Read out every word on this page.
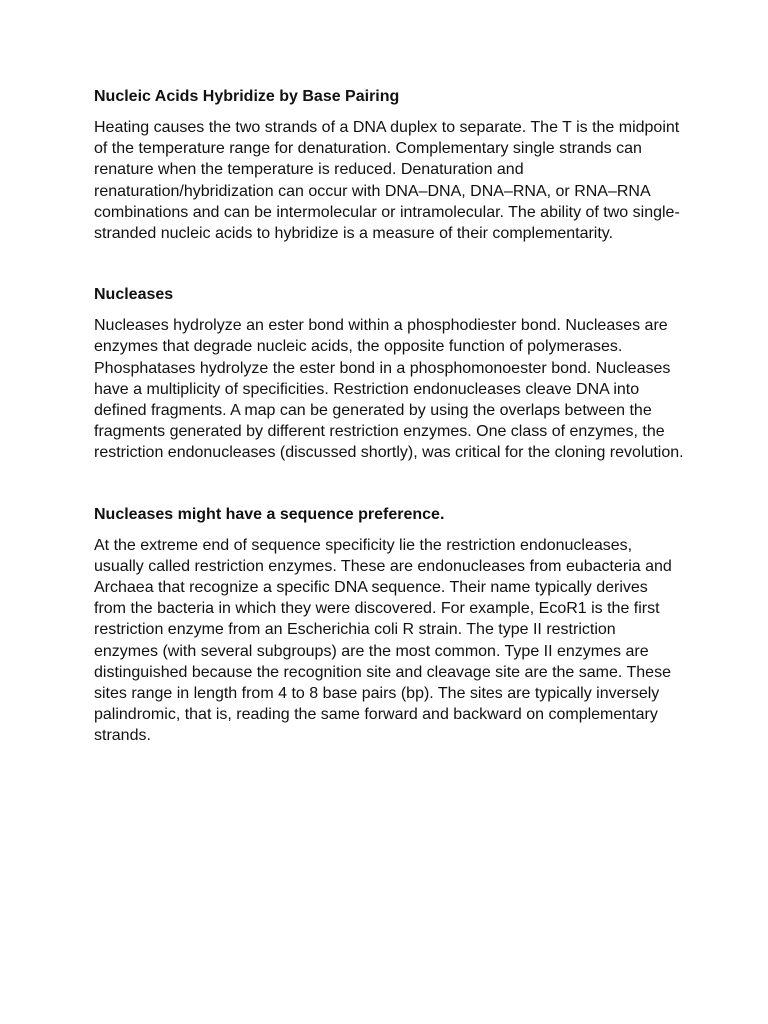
Nucleic Acids Hybridize by Base Pairing

Heating causes the two strands of a DNA duplex to separate. The T is the midpoint of the temperature range for denaturation. Complementary single strands can renature when the temperature is reduced. Denaturation and renaturation/hybridization can occur with DNA–DNA, DNA–RNA, or RNA–RNA combinations and can be intermolecular or intramolecular. The ability of two single-stranded nucleic acids to hybridize is a measure of their complementarity.

Nucleases

Nucleases hydrolyze an ester bond within a phosphodiester bond. Nucleases are enzymes that degrade nucleic acids, the opposite function of polymerases. Phosphatases hydrolyze the ester bond in a phosphomonoester bond. Nucleases have a multiplicity of specificities. Restriction endonucleases cleave DNA into defined fragments. A map can be generated by using the overlaps between the fragments generated by different restriction enzymes. One class of enzymes, the restriction endonucleases (discussed shortly), was critical for the cloning revolution.

Nucleases might have a sequence preference.

At the extreme end of sequence specificity lie the restriction endonucleases, usually called restriction enzymes. These are endonucleases from eubacteria and Archaea that recognize a specific DNA sequence. Their name typically derives from the bacteria in which they were discovered. For example, EcoR1 is the first restriction enzyme from an Escherichia coli R strain. The type II restriction enzymes (with several subgroups) are the most common. Type II enzymes are distinguished because the recognition site and cleavage site are the same. These sites range in length from 4 to 8 base pairs (bp). The sites are typically inversely palindromic, that is, reading the same forward and backward on complementary strands.
